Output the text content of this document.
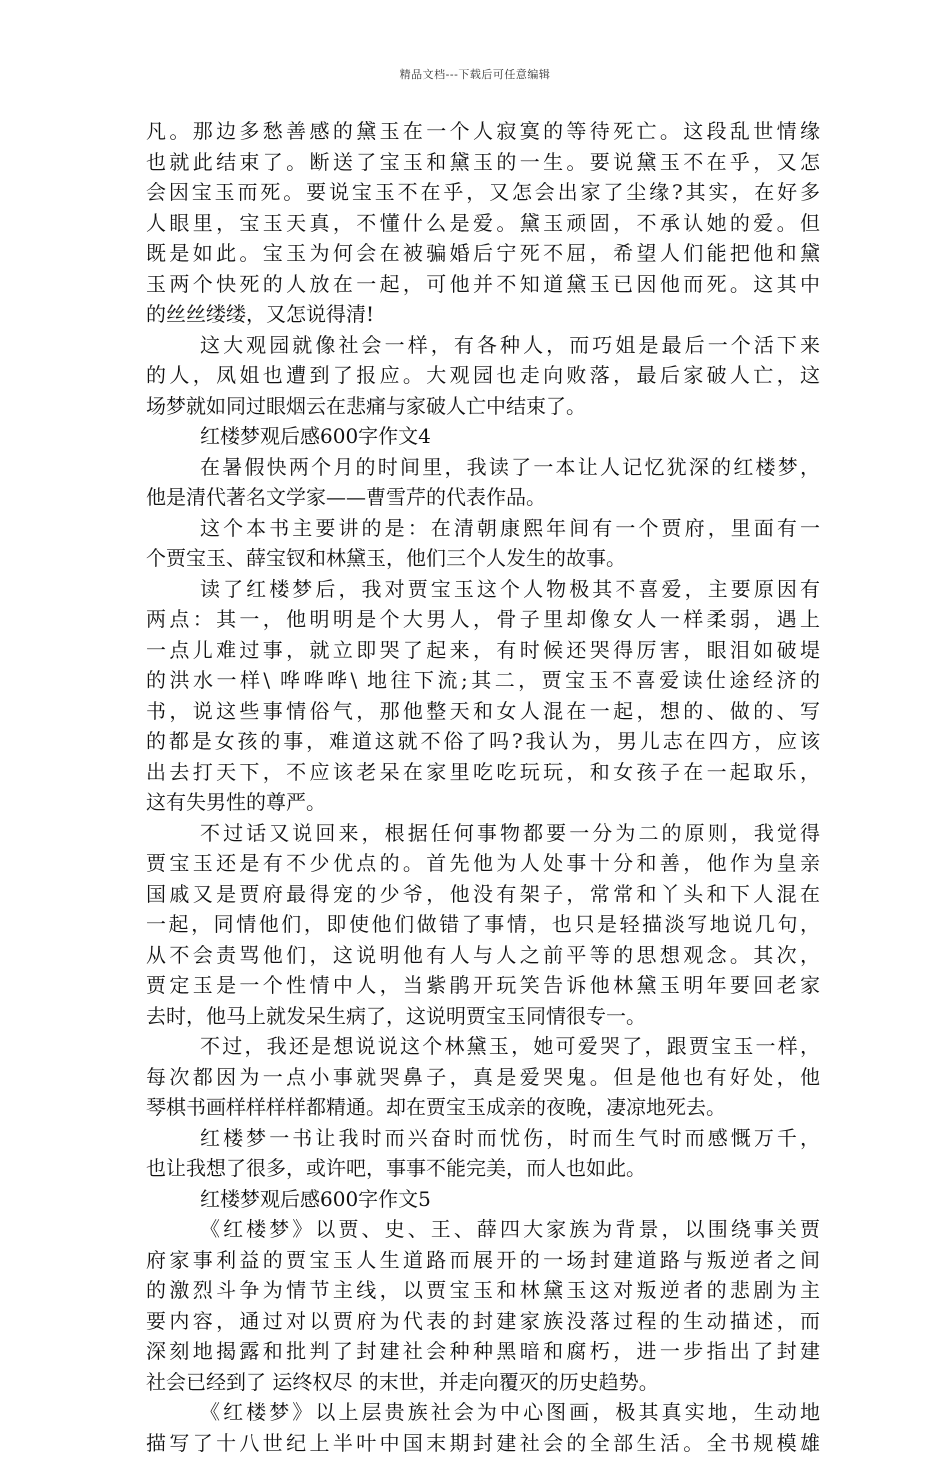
精品文档---下载后可任意编辑
凡。那边多愁善感的黛玉在一个人寂寞的等待死亡。这段乱世情缘
也就此结束了。断送了宝玉和黛玉的一生。要说黛玉不在乎，又怎
会因宝玉而死。要说宝玉不在乎，又怎会出家了尘缘?其实，在好多
人眼里，宝玉天真，不懂什么是爱。黛玉顽固，不承认她的爱。但
既是如此。宝玉为何会在被骗婚后宁死不屈，希望人们能把他和黛
玉两个快死的人放在一起，可他并不知道黛玉已因他而死。这其中
的丝丝缕缕，又怎说得清!
这大观园就像社会一样，有各种人，而巧姐是最后一个活下来
的人，凤姐也遭到了报应。大观园也走向败落，最后家破人亡，这
场梦就如同过眼烟云在悲痛与家破人亡中结束了。
红楼梦观后感600字作文4
在暑假快两个月的时间里，我读了一本让人记忆犹深的红楼梦，
他是清代著名文学家——曹雪芹的代表作品。
这个本书主要讲的是：在清朝康熙年间有一个贾府，里面有一
个贾宝玉、薛宝钗和林黛玉，他们三个人发生的故事。
读了红楼梦后，我对贾宝玉这个人物极其不喜爱，主要原因有
两点：其一，他明明是个大男人，骨子里却像女人一样柔弱，遇上
一点儿难过事，就立即哭了起来，有时候还哭得厉害，眼泪如破堤
的洪水一样\ 哗哗哗\ 地往下流;其二，贾宝玉不喜爱读仕途经济的
书，说这些事情俗气，那他整天和女人混在一起，想的、做的、写
的都是女孩的事，难道这就不俗了吗?我认为，男儿志在四方，应该
出去打天下，不应该老呆在家里吃吃玩玩，和女孩子在一起取乐，
这有失男性的尊严。
不过话又说回来，根据任何事物都要一分为二的原则，我觉得
贾宝玉还是有不少优点的。首先他为人处事十分和善，他作为皇亲
国戚又是贾府最得宠的少爷，他没有架子，常常和丫头和下人混在
一起，同情他们，即使他们做错了事情，也只是轻描淡写地说几句，
从不会责骂他们，这说明他有人与人之前平等的思想观念。其次，
贾定玉是一个性情中人，当紫鹃开玩笑告诉他林黛玉明年要回老家
去时，他马上就发呆生病了，这说明贾宝玉同情很专一。
不过，我还是想说说这个林黛玉，她可爱哭了，跟贾宝玉一样，
每次都因为一点小事就哭鼻子，真是爱哭鬼。但是他也有好处，他
琴棋书画样样样样都精通。却在贾宝玉成亲的夜晚，凄凉地死去。
红楼梦一书让我时而兴奋时而忧伤，时而生气时而感慨万千，
也让我想了很多，或许吧，事事不能完美，而人也如此。
红楼梦观后感600字作文5
《红楼梦》以贾、史、王、薛四大家族为背景，以围绕事关贾
府家事利益的贾宝玉人生道路而展开的一场封建道路与叛逆者之间
的激烈斗争为情节主线，以贾宝玉和林黛玉这对叛逆者的悲剧为主
要内容，通过对以贾府为代表的封建家族没落过程的生动描述，而
深刻地揭露和批判了封建社会种种黑暗和腐朽，进一步指出了封建
社会已经到了 运终权尽 的末世，并走向覆灭的历史趋势。
《红楼梦》以上层贵族社会为中心图画，极其真实地，生动地
描写了十八世纪上半叶中国末期封建社会的全部生活。全书规模雄
